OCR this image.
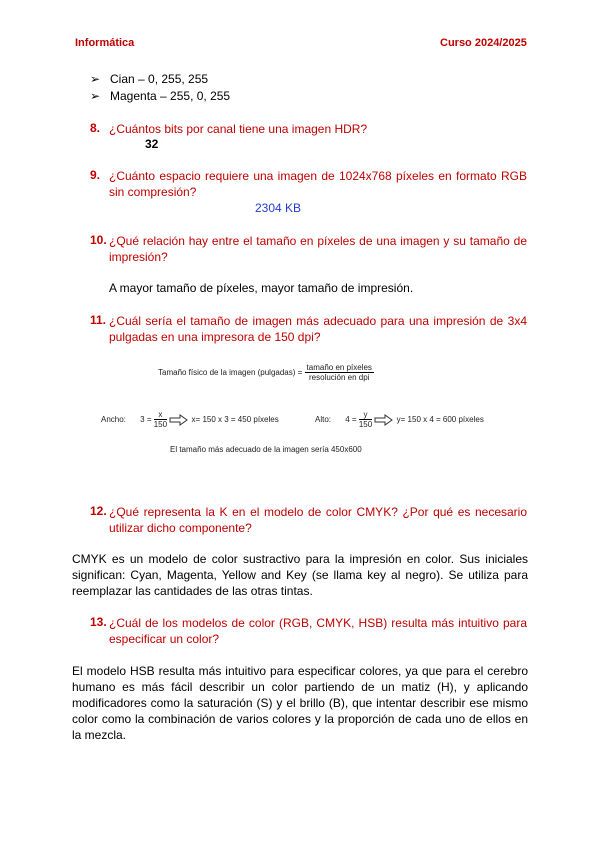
Informática	Curso 2024/2025
➢ Cian – 0, 255, 255
➢ Magenta – 255, 0, 255
8. ¿Cuántos bits por canal tiene una imagen HDR?
32
9. ¿Cuánto espacio requiere una imagen de 1024x768 píxeles en formato RGB sin compresión?
2304 KB
10. ¿Qué relación hay entre el tamaño en píxeles de una imagen y su tamaño de impresión?
A mayor tamaño de píxeles, mayor tamaño de impresión.
11. ¿Cuál sería el tamaño de imagen más adecuado para una impresión de 3x4 pulgadas en una impresora de 150 dpi?
Tamaño físico de la imagen (pulgadas) = $\frac{\text{tamaño en píxeles}}{\text{resolución en dpi}}$
Ancho: $3 = \frac{x}{150}$	x= 150 x 3 = 450 píxeles	Alto: $4 = \frac{y}{150}$	y= 150 x 4 = 600 píxeles
El tamaño más adecuado de la imagen sería 450x600
12. ¿Qué representa la K en el modelo de color CMYK? ¿Por qué es necesario utilizar dicho componente?
CMYK es un modelo de color sustractivo para la impresión en color. Sus iniciales significan: Cyan, Magenta, Yellow and Key (se llama key al negro). Se utiliza para reemplazar las cantidades de las otras tintas.
13. ¿Cuál de los modelos de color (RGB, CMYK, HSB) resulta más intuitivo para especificar un color?
El modelo HSB resulta más intuitivo para especificar colores, ya que para el cerebro humano es más fácil describir un color partiendo de un matiz (H), y aplicando modificadores como la saturación (S) y el brillo (B), que intentar describir ese mismo color como la combinación de varios colores y la proporción de cada uno de ellos en la mezcla.
